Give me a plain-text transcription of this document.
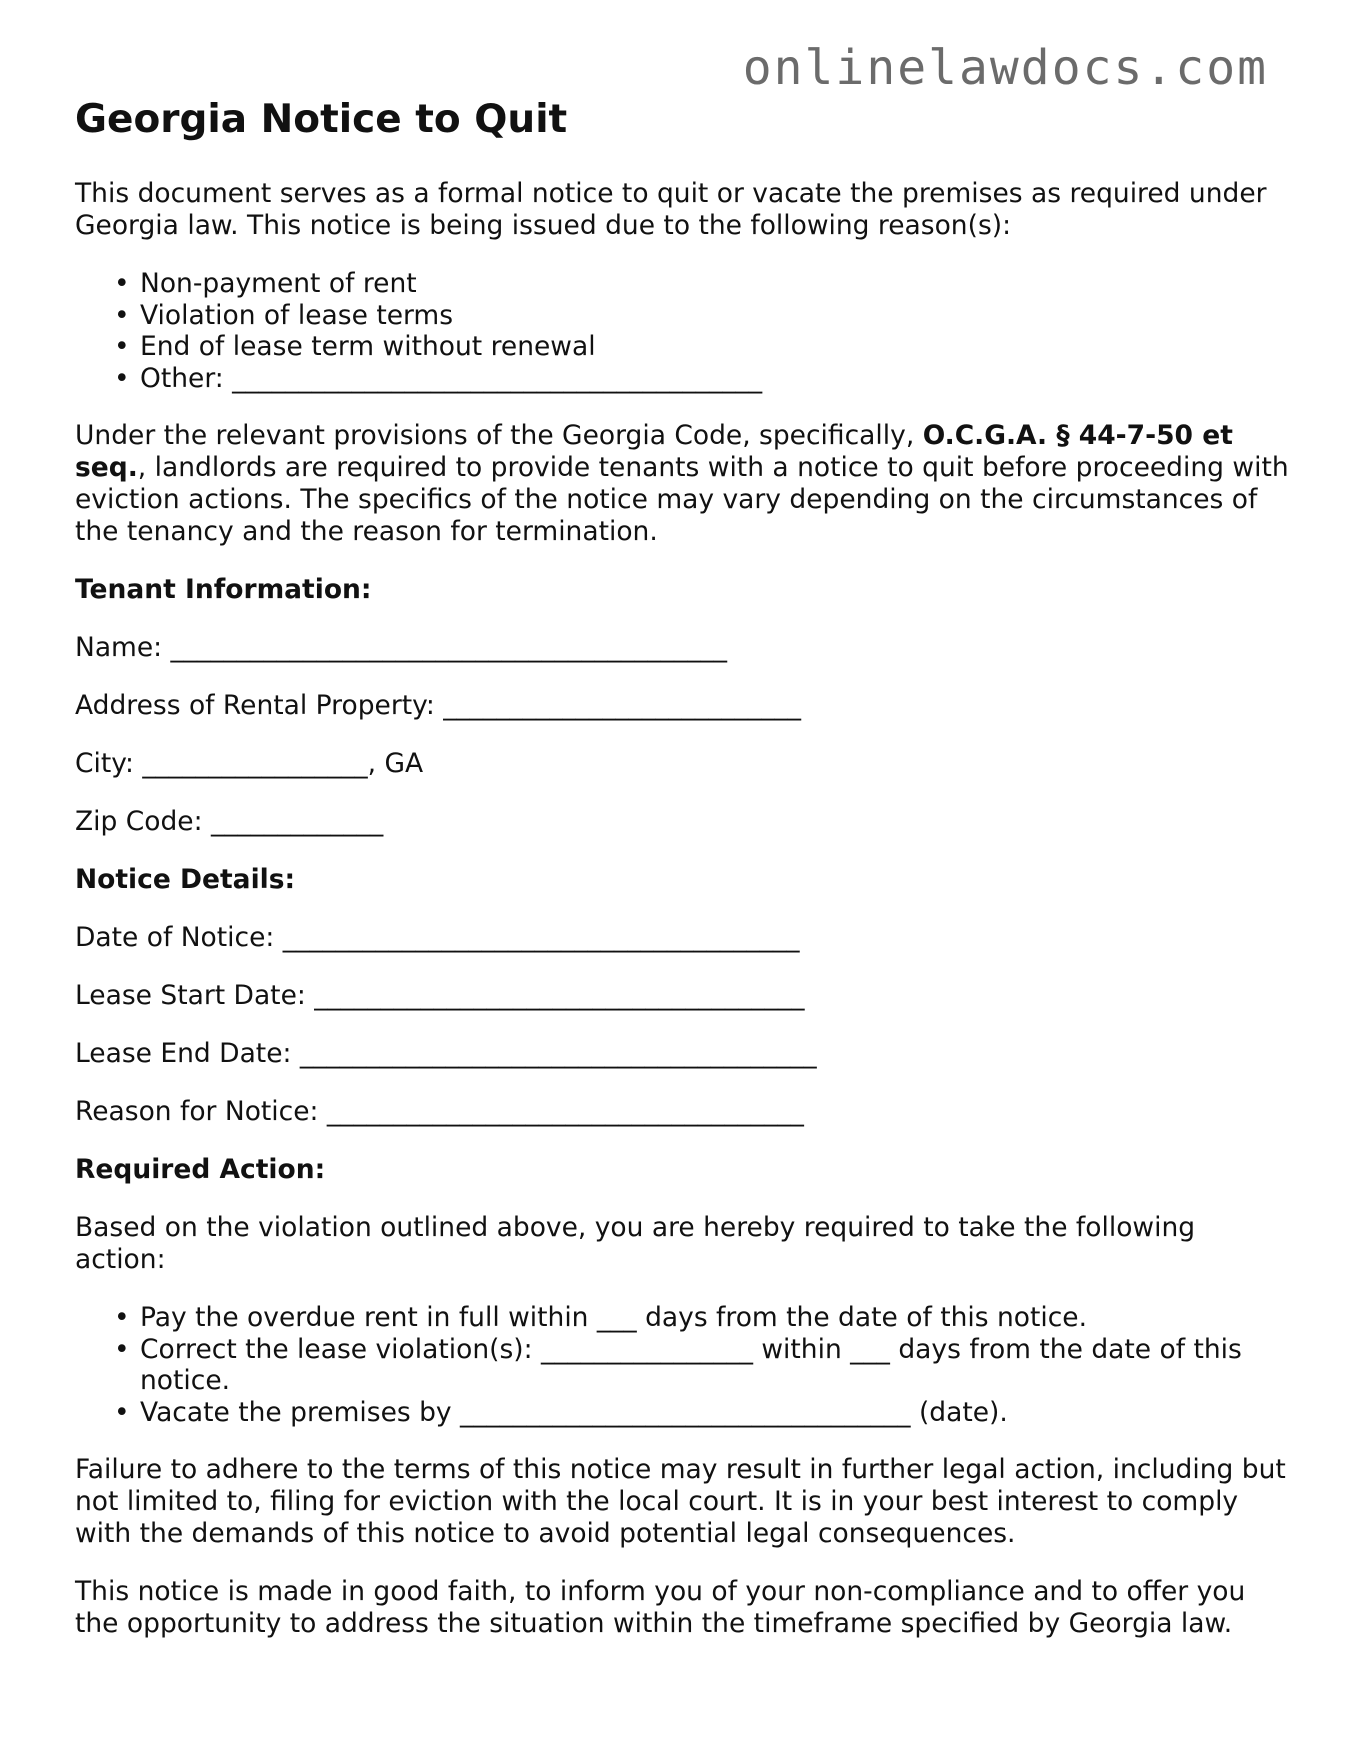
onlinelawdocs.com
Georgia Notice to Quit

This document serves as a formal notice to quit or vacate the premises as required under Georgia law. This notice is being issued due to the following reason(s):

• Non-payment of rent
• Violation of lease terms
• End of lease term without renewal
• Other: ________________________________________

Under the relevant provisions of the Georgia Code, specifically, O.C.G.A. § 44-7-50 et seq., landlords are required to provide tenants with a notice to quit before proceeding with eviction actions. The specifics of the notice may vary depending on the circumstances of the tenancy and the reason for termination.

Tenant Information:

Name: __________________________________________

Address of Rental Property: ___________________________

City: _________________, GA

Zip Code: _____________

Notice Details:

Date of Notice: _______________________________________

Lease Start Date: _____________________________________

Lease End Date: _______________________________________

Reason for Notice: ____________________________________

Required Action:

Based on the violation outlined above, you are hereby required to take the following action:

• Pay the overdue rent in full within ___ days from the date of this notice.
• Correct the lease violation(s): ________________ within ___ days from the date of this notice.
• Vacate the premises by __________________________________ (date).

Failure to adhere to the terms of this notice may result in further legal action, including but not limited to, filing for eviction with the local court. It is in your best interest to comply with the demands of this notice to avoid potential legal consequences.

This notice is made in good faith, to inform you of your non-compliance and to offer you the opportunity to address the situation within the timeframe specified by Georgia law.
